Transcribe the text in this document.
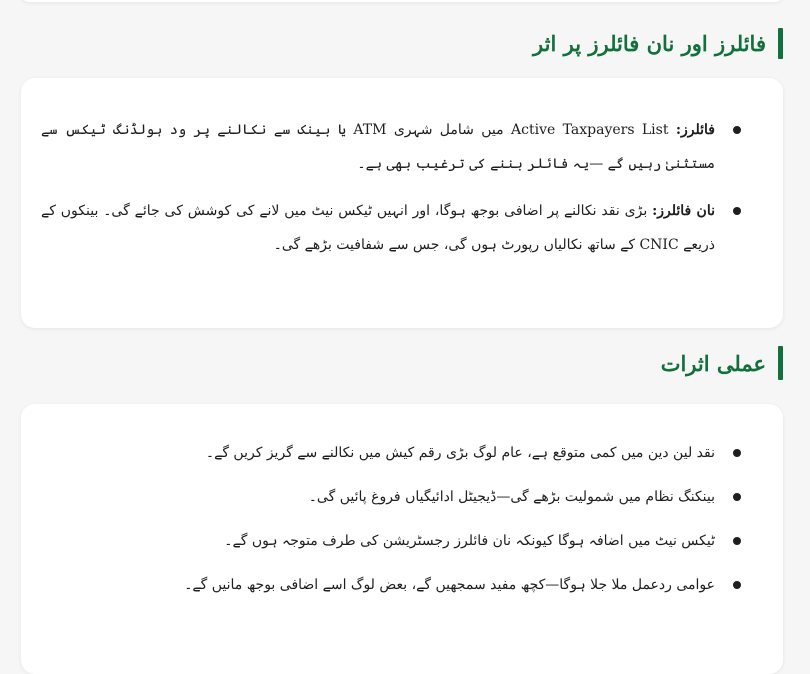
فائلرز اور نان فائلرز پر اثر
فائلرز: Active Taxpayers List میں شامل شہری ATM یا بینک سے نکالنے پر ود ہولڈنگ ٹیکس سے مستثنیٰ رہیں گے —یہ فائلر بننے کی ترغیب بھی ہے۔
نان فائلرز: بڑی نقد نکالنے پر اضافی بوجھ ہوگا، اور انہیں ٹیکس نیٹ میں لانے کی کوشش کی جائے گی۔ بینکوں کے ذریعے CNIC کے ساتھ نکالیاں رپورٹ ہوں گی، جس سے شفافیت بڑھے گی۔
عملی اثرات
نقد لین دین میں کمی متوقع ہے، عام لوگ بڑی رقم کیش میں نکالنے سے گریز کریں گے۔
بینکنگ نظام میں شمولیت بڑھے گی—ڈیجیٹل ادائیگیاں فروغ پائیں گی۔
ٹیکس نیٹ میں اضافہ ہوگا کیونکہ نان فائلرز رجسٹریشن کی طرف متوجہ ہوں گے۔
عوامی ردعمل ملا جلا ہوگا—کچھ مفید سمجھیں گے، بعض لوگ اسے اضافی بوجھ مانیں گے۔
